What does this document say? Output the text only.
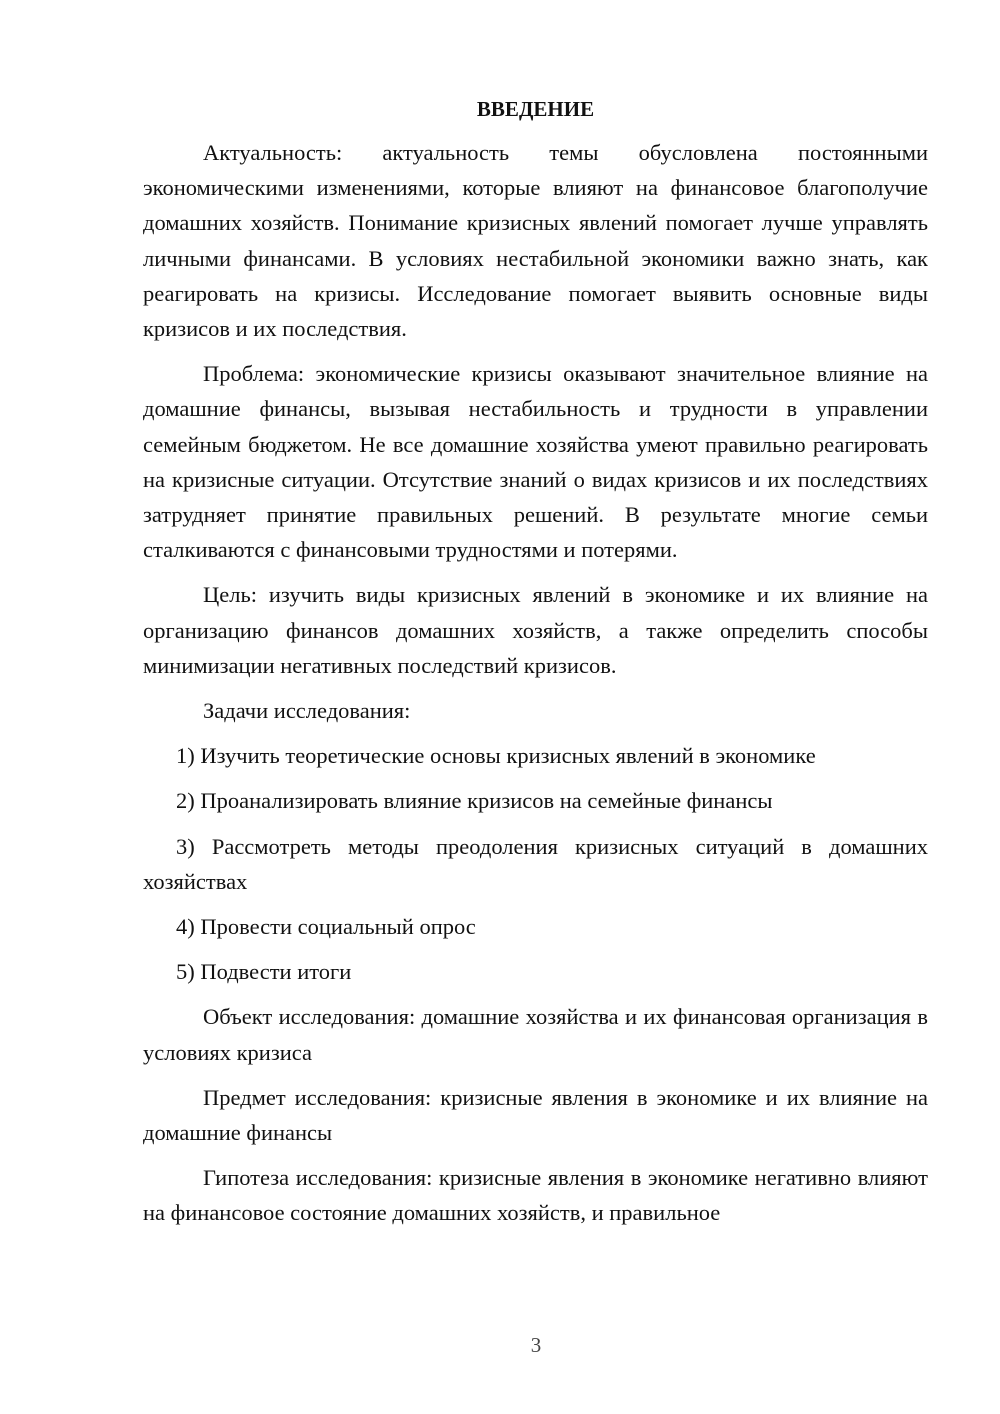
ВВЕДЕНИЕ

Актуальность: актуальность темы обусловлена постоянными экономическими изменениями, которые влияют на финансовое благополучие домашних хозяйств. Понимание кризисных явлений помогает лучше управлять личными финансами. В условиях нестабильной экономики важно знать, как реагировать на кризисы. Исследование помогает выявить основные виды кризисов и их последствия.

Проблема: экономические кризисы оказывают значительное влияние на домашние финансы, вызывая нестабильность и трудности в управлении семейным бюджетом. Не все домашние хозяйства умеют правильно реагировать на кризисные ситуации. Отсутствие знаний о видах кризисов и их последствиях затрудняет принятие правильных решений. В результате многие семьи сталкиваются с финансовыми трудностями и потерями.

Цель: изучить виды кризисных явлений в экономике и их влияние на организацию финансов домашних хозяйств, а также определить способы минимизации негативных последствий кризисов.

Задачи исследования:

1) Изучить теоретические основы кризисных явлений в экономике

2) Проанализировать влияние кризисов на семейные финансы

3) Рассмотреть методы преодоления кризисных ситуаций в домашних хозяйствах

4) Провести социальный опрос

5) Подвести итоги

Объект исследования: домашние хозяйства и их финансовая организация в условиях кризиса

Предмет исследования: кризисные явления в экономике и их влияние на домашние финансы

Гипотеза исследования: кризисные явления в экономике негативно влияют на финансовое состояние домашних хозяйств, и правильное

3
